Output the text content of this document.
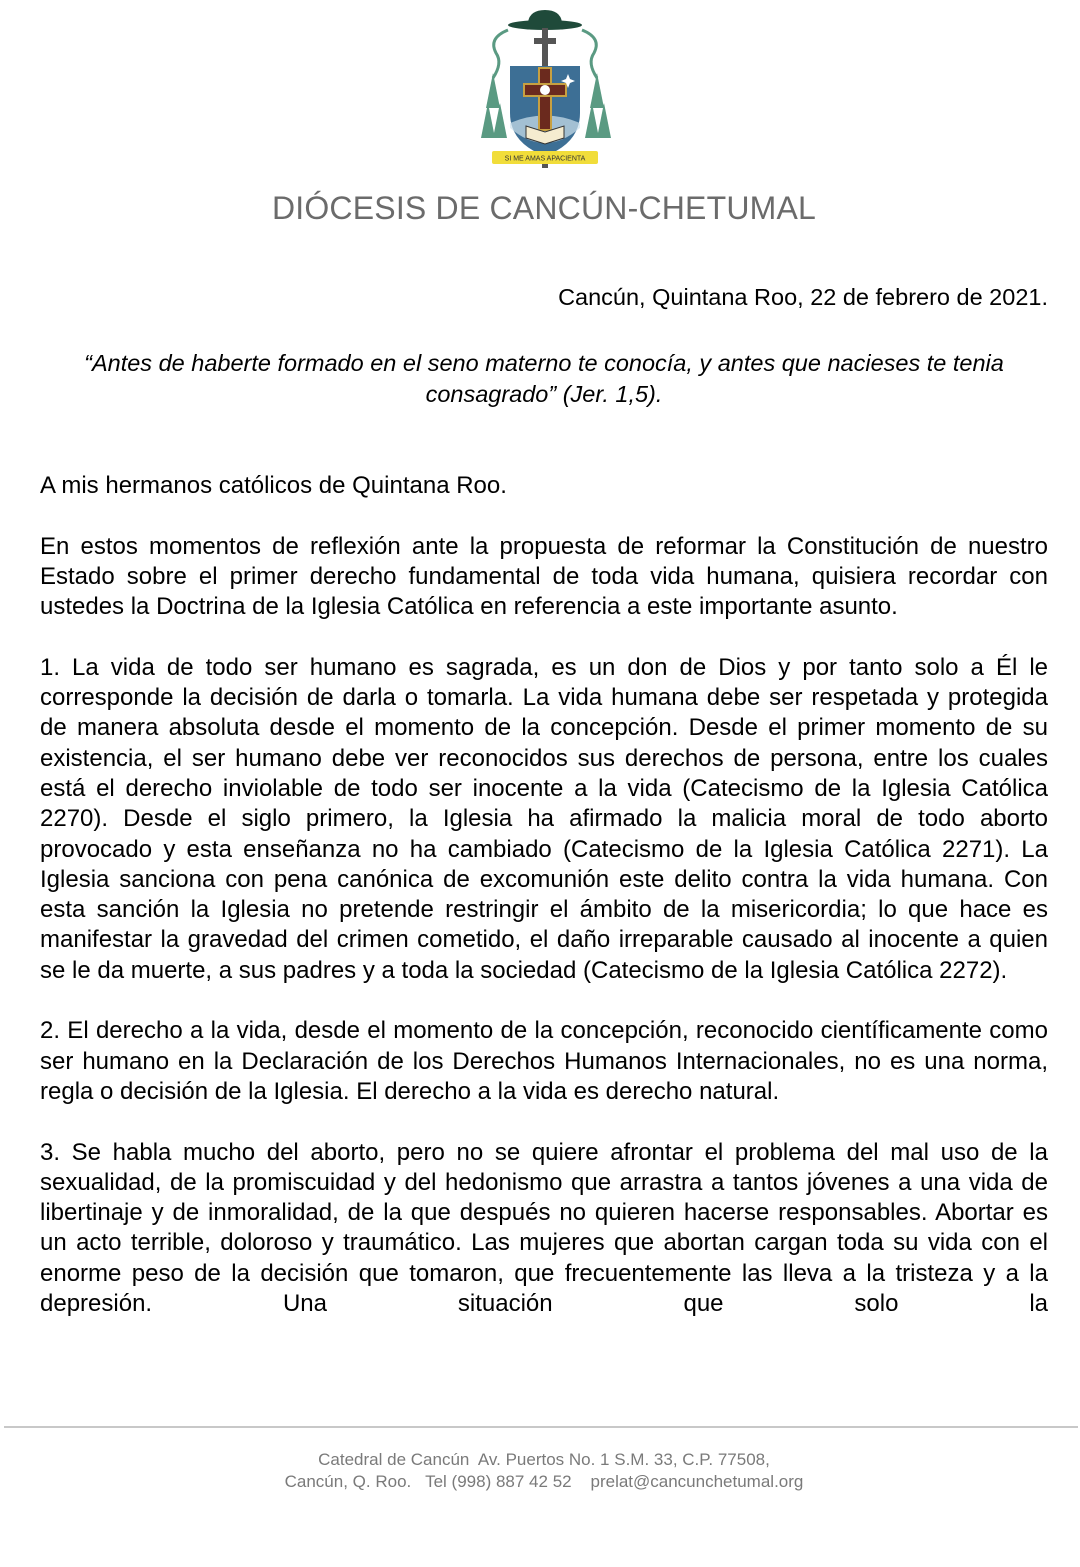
SI ME AMAS APACIENTA
DIÓCESIS DE CANCÚN-CHETUMAL
Cancún, Quintana Roo, 22 de febrero de 2021.
“Antes de haberte formado en el seno materno te conocía, y antes que nacieses te tenia consagrado” (Jer. 1,5).

A mis hermanos católicos de Quintana Roo.

En estos momentos de reflexión ante la propuesta de reformar la Constitución de nuestro Estado sobre el primer derecho fundamental de toda vida humana, quisiera recordar con ustedes la Doctrina de la Iglesia Católica en referencia a este importante asunto.

1. La vida de todo ser humano es sagrada, es un don de Dios y por tanto solo a Él le corresponde la decisión de darla o tomarla. La vida humana debe ser respetada y protegida de manera absoluta desde el momento de la concepción. Desde el primer momento de su existencia, el ser humano debe ver reconocidos sus derechos de persona, entre los cuales está el derecho inviolable de todo ser inocente a la vida (Catecismo de la Iglesia Católica 2270). Desde el siglo primero, la Iglesia ha afirmado la malicia moral de todo aborto provocado y esta enseñanza no ha cambiado (Catecismo de la Iglesia Católica 2271). La Iglesia sanciona con pena canónica de excomunión este delito contra la vida humana. Con esta sanción la Iglesia no pretende restringir el ámbito de la misericordia; lo que hace es manifestar la gravedad del crimen cometido, el daño irreparable causado al inocente a quien se le da muerte, a sus padres y a toda la sociedad (Catecismo de la Iglesia Católica 2272).

2. El derecho a la vida, desde el momento de la concepción, reconocido científicamente como ser humano en la Declaración de los Derechos Humanos Internacionales, no es una norma, regla o decisión de la Iglesia. El derecho a la vida es derecho natural.

3. Se habla mucho del aborto, pero no se quiere afrontar el problema del mal uso de la sexualidad, de la promiscuidad y del hedonismo que arrastra a tantos jóvenes a una vida de libertinaje y de inmoralidad, de la que después no quieren hacerse responsables. Abortar es un acto terrible, doloroso y traumático. Las mujeres que abortan cargan toda su vida con el enorme peso de la decisión que tomaron, que frecuentemente las lleva a la tristeza y a la depresión. Una situación que solo la

Catedral de Cancún  Av. Puertos No. 1 S.M. 33, C.P. 77508,
Cancún, Q. Roo.   Tel (998) 887 42 52    prelat@cancunchetumal.org
